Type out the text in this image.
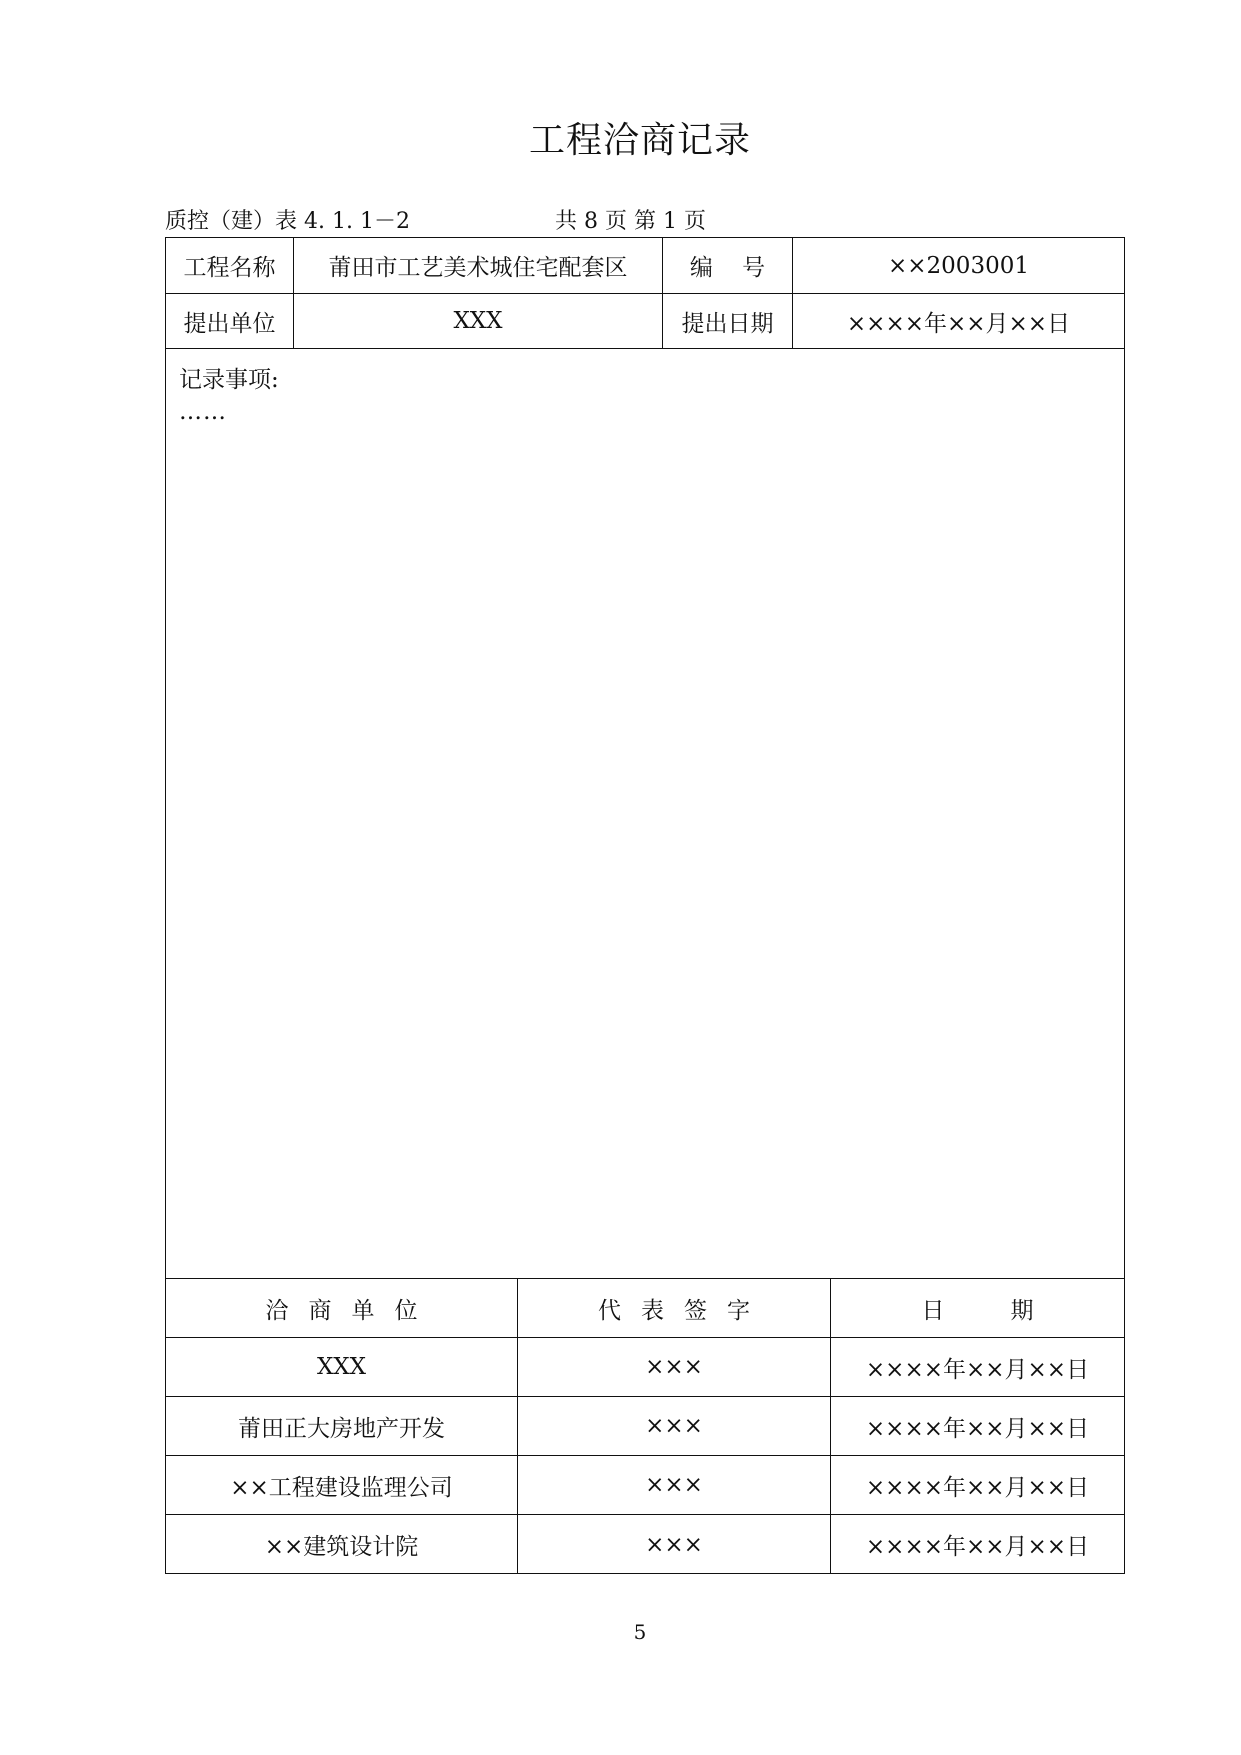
工程洽商记录
质控（建）表 4. 1. 1－2	共 8 页 第 1 页
工程名称	莆田市工艺美术城住宅配套区	编    号	××2003001
提出单位	XXX	提出日期	××××年××月××日
记录事项:
……
洽商单位	代表签字	日期
XXX	×××	××××年××月××日
莆田正大房地产开发	×××	××××年××月××日
××工程建设监理公司	×××	××××年××月××日
××建筑设计院	×××	××××年××月××日
5
